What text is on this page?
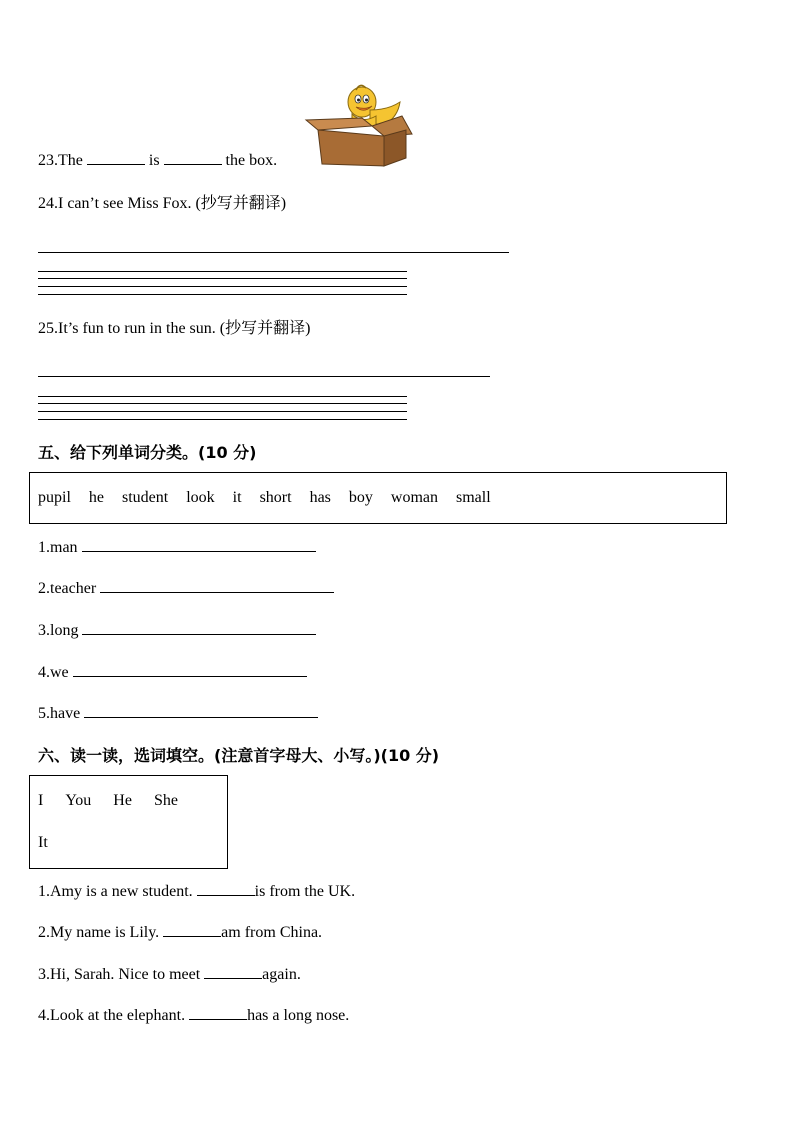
23.The	is	the box.
24.I can’t see Miss Fox. (抄写并翻译)
25.It’s fun to run in the sun. (抄写并翻译)
五、给下列单词分类。(10 分)
pupil he student look it short has boy woman small
1.man
2.teacher
3.long
4.we
5.have
六、读一读，选词填空。(注意首字母大、小写。)(10 分)
I You He She
It
1.Amy is a new student.	is from the UK.
2.My name is Lily.	am from China.
3.Hi, Sarah. Nice to meet	again.
4.Look at the elephant.	has a long nose.
